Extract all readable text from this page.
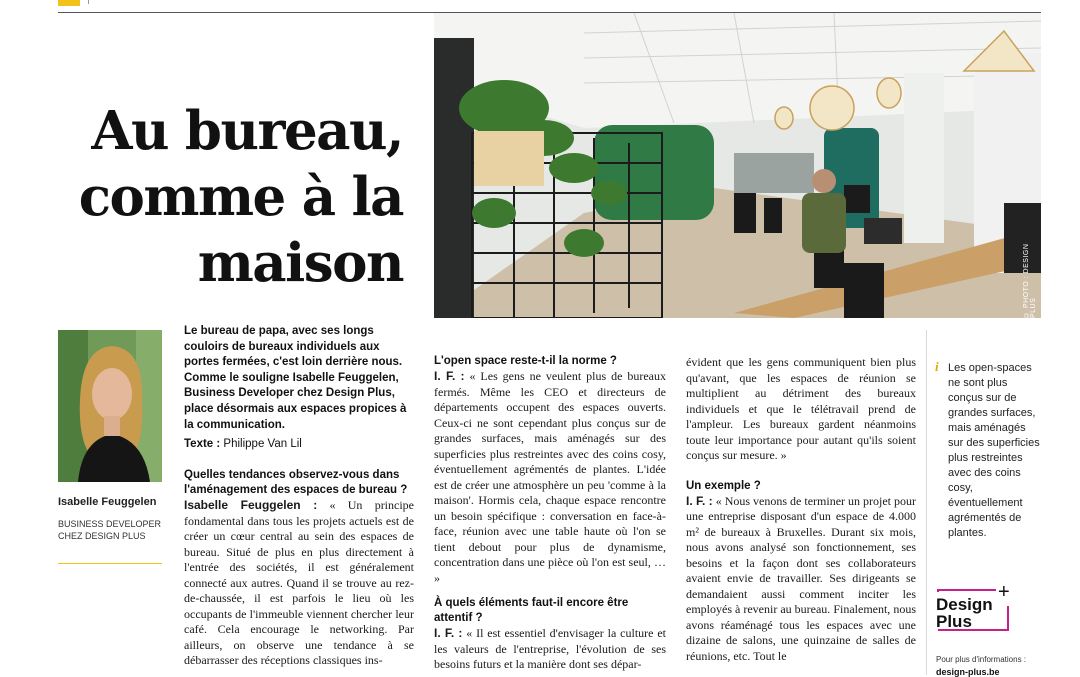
Au bureau,
comme à la
maison	© PHOTO : DESIGN PLUS
Isabelle Feuggelen
BUSINESS DEVELOPER CHEZ DESIGN PLUS
Le bureau de papa, avec ses longs couloirs de bureaux individuels aux portes fermées, c'est loin derrière nous. Comme le souligne Isabelle Feuggelen, Business Developer chez Design Plus, place désormais aux espaces propices à la communication.
Texte : Philippe Van Lil
Quelles tendances observez-vous dans l'aménagement des espaces de bureau ?
Isabelle Feuggelen : « Un principe fondamental dans tous les projets actuels est de créer un cœur central au sein des espaces de bureau. Situé de plus en plus directement à l'entrée des sociétés, il est généralement connecté aux autres. Quand il se trouve au rez-de-chaussée, il est parfois le lieu où les occupants de l'immeuble viennent chercher leur café. Cela encourage le networking. Par ailleurs, on observe une tendance à se débarrasser des réceptions classiques ins-
L'open space reste-t-il la norme ?
I. F. : « Les gens ne veulent plus de bureaux fermés. Même les CEO et directeurs de départements occupent des espaces ouverts. Ceux-ci ne sont cependant plus conçus sur de grandes surfaces, mais aménagés sur des superficies plus restreintes avec des coins cosy, éventuellement agrémentés de plantes. L'idée est de créer une atmosphère un peu 'comme à la maison'. Hormis cela, chaque espace rencontre un besoin spécifique : conversation en face-à-face, réunion avec une table haute où l'on se tient debout pour plus de dynamisme, concentration dans une pièce où l'on est seul, … »
À quels éléments faut-il encore être attentif ?
I. F. : « Il est essentiel d'envisager la culture et les valeurs de l'entreprise, l'évolution de ses besoins futurs et la manière dont ses dépar-
évident que les gens communiquent bien plus qu'avant, que les espaces de réunion se multiplient au détriment des bureaux individuels et que le télétravail prend de l'ampleur. Les bureaux gardent néanmoins toute leur importance pour autant qu'ils soient conçus sur mesure. »
Un exemple ?
I. F. : « Nous venons de terminer un projet pour une entreprise disposant d'un espace de 4.000 m² de bureaux à Bruxelles. Durant six mois, nous avons analysé son fonctionnement, ses besoins et la façon dont ses collaborateurs avaient envie de travailler. Ses dirigeants se demandaient aussi comment inciter les employés à revenir au bureau. Finalement, nous avons réaménagé tous les espaces avec une dizaine de salons, une quinzaine de salles de réunions, etc. Tout le
i Les open-spaces ne sont plus conçus sur de grandes surfaces, mais aménagés sur des superficies plus restreintes avec des coins cosy, éventuellement agrémentés de plantes.
Design
Plus
+
Pour plus d'informations :
design-plus.be
